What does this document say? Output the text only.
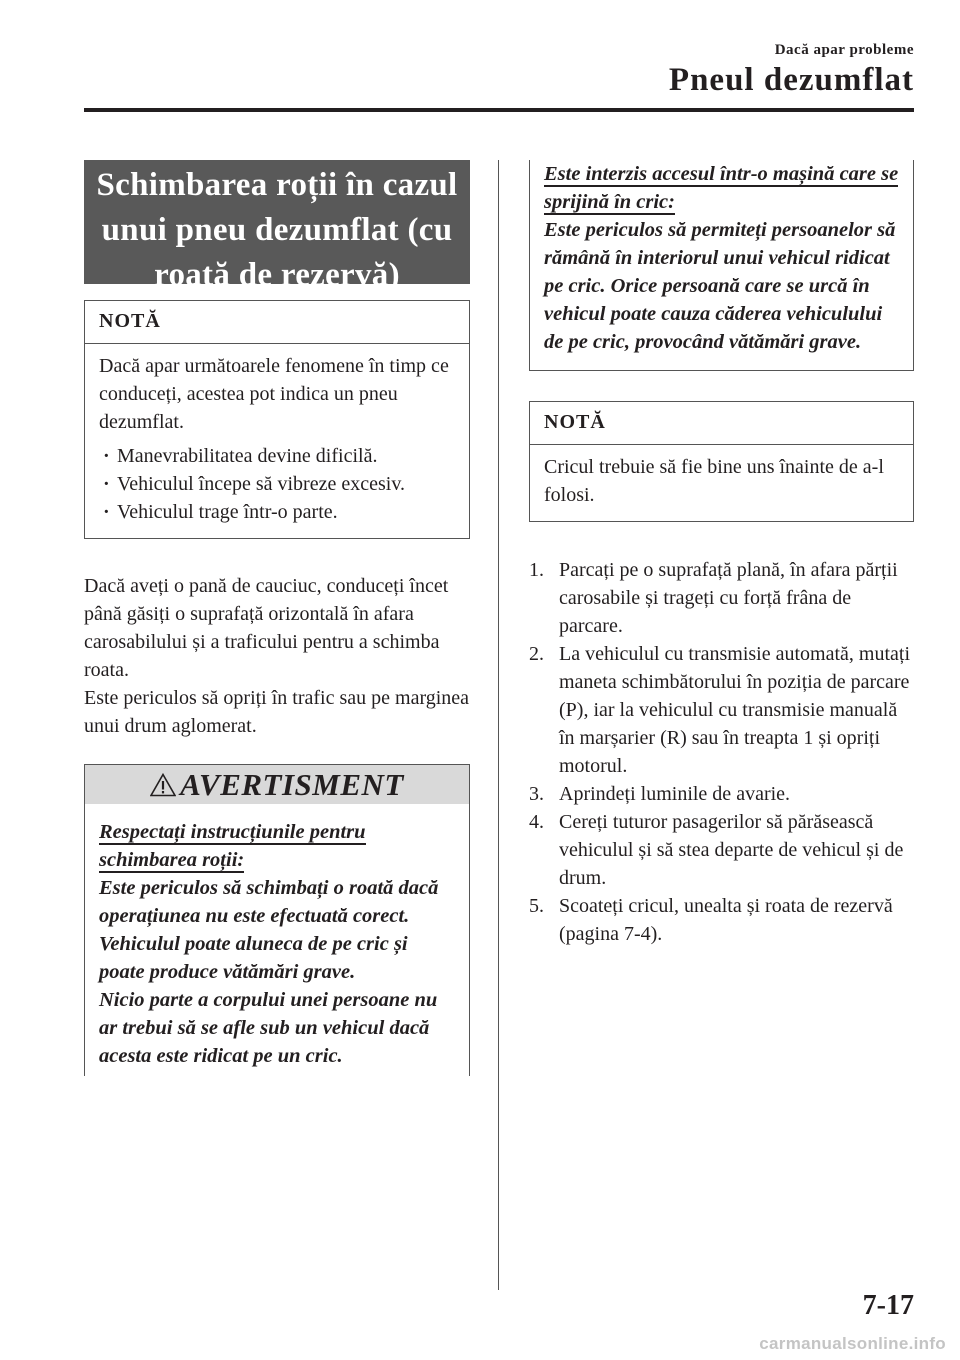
Dacă apar probleme
Pneul dezumflat
Schimbarea roții în cazul unui pneu dezumflat (cu roată de rezervă)
NOTĂ

Dacă apar următoarele fenomene în timp ce conduceți, acestea pot indica un pneu dezumflat.

· Manevrabilitatea devine dificilă.
· Vehiculul începe să vibreze excesiv.
· Vehiculul trage într-o parte.

Dacă aveți o pană de cauciuc, conduceți încet până găsiți o suprafață orizontală în afara carosabilului și a traficului pentru a schimba roata.

Este periculos să opriți în trafic sau pe marginea unui drum aglomerat.

AVERTISMENT
Respectați instrucțiunile pentru schimbarea roții:

Este periculos să schimbați o roată dacă operațiunea nu este efectuată corect. Vehiculul poate aluneca de pe cric și poate produce vătămări grave.

Nicio parte a corpului unei persoane nu ar trebui să se afle sub un vehicul dacă acesta este ridicat pe un cric.

Este interzis accesul într-o mașină care se sprijină în cric:

Este periculos să permiteți persoanelor să rămână în interiorul unui vehicul ridicat pe cric. Orice persoană care se urcă în vehicul poate cauza căderea vehiculului de pe cric, provocând vătămări grave.

NOTĂ

Cricul trebuie să fie bine uns înainte de a-l folosi.

1. Parcați pe o suprafață plană, în afara părții carosabile și trageți cu forță frâna de parcare.
2. La vehiculul cu transmisie automată, mutați maneta schimbătorului în poziția de parcare (P), iar la vehiculul cu transmisie manuală în marșarier (R) sau în treapta 1 și opriți motorul.
3. Aprindeți luminile de avarie.
4. Cereți tuturor pasagerilor să părăsească vehiculul și să stea departe de vehicul și de drum.
5. Scoateți cricul, unealta și roata de rezervă (pagina 7-4).
7-17
carmanualsonline.info
